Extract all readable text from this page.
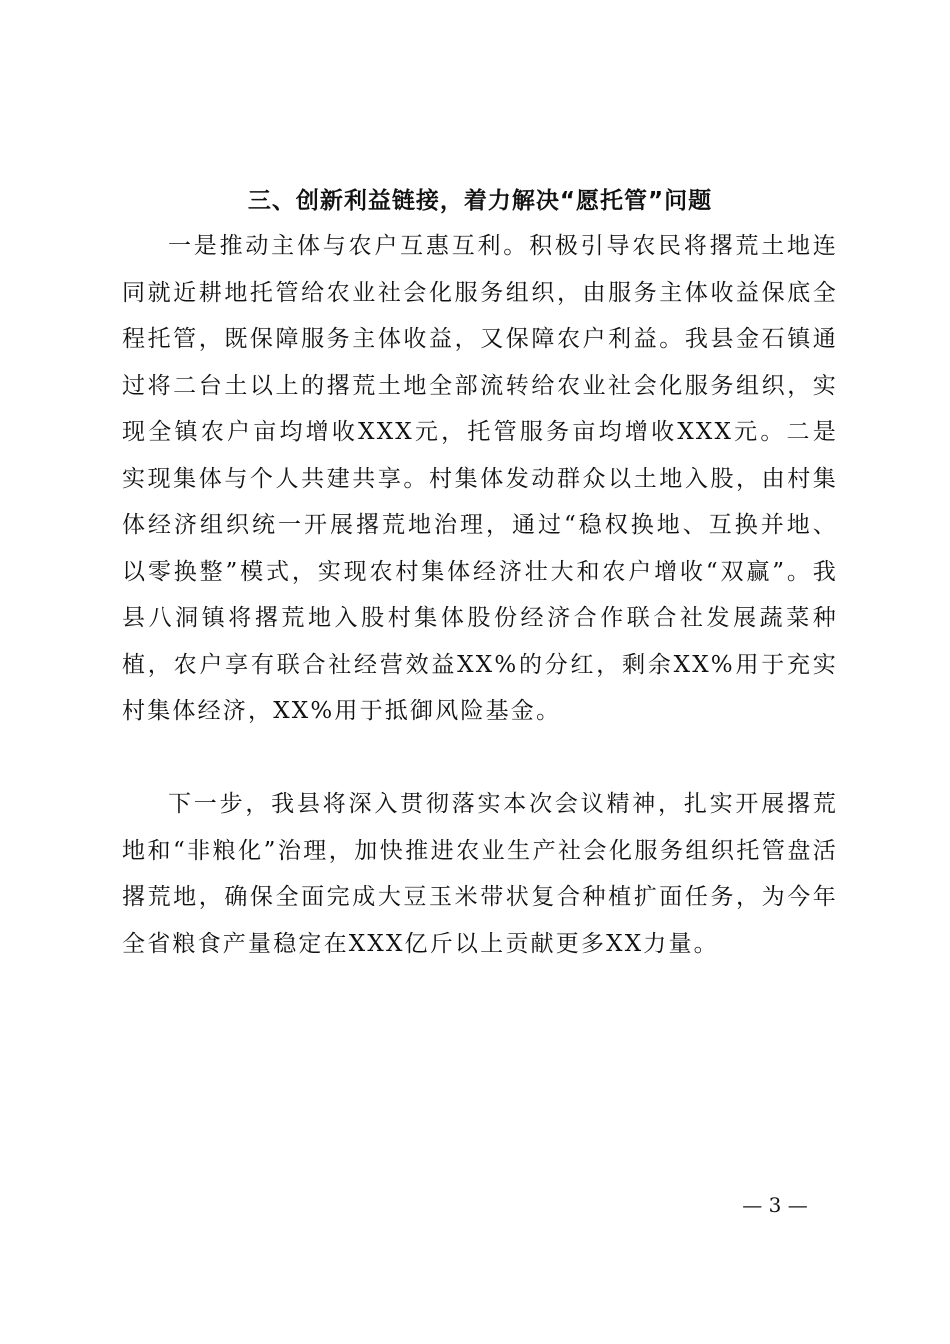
三、创新利益链接，着力解决“愿托管”问题

一是推动主体与农户互惠互利。积极引导农民将撂荒土地连同就近耕地托管给农业社会化服务组织，由服务主体收益保底全程托管，既保障服务主体收益，又保障农户利益。我县金石镇通过将二台土以上的撂荒土地全部流转给农业社会化服务组织，实现全镇农户亩均增收XXX元，托管服务亩均增收XXX元。二是实现集体与个人共建共享。村集体发动群众以土地入股，由村集体经济组织统一开展撂荒地治理，通过“稳权换地、互换并地、以零换整”模式，实现农村集体经济壮大和农户增收“双赢”。我县八洞镇将撂荒地入股村集体股份经济合作联合社发展蔬菜种植，农户享有联合社经营效益XX%的分红，剩余XX%用于充实村集体经济，XX%用于抵御风险基金。

下一步，我县将深入贯彻落实本次会议精神，扎实开展撂荒地和“非粮化”治理，加快推进农业生产社会化服务组织托管盘活撂荒地，确保全面完成大豆玉米带状复合种植扩面任务，为今年全省粮食产量稳定在XXX亿斤以上贡献更多XX力量。

— 3 —
